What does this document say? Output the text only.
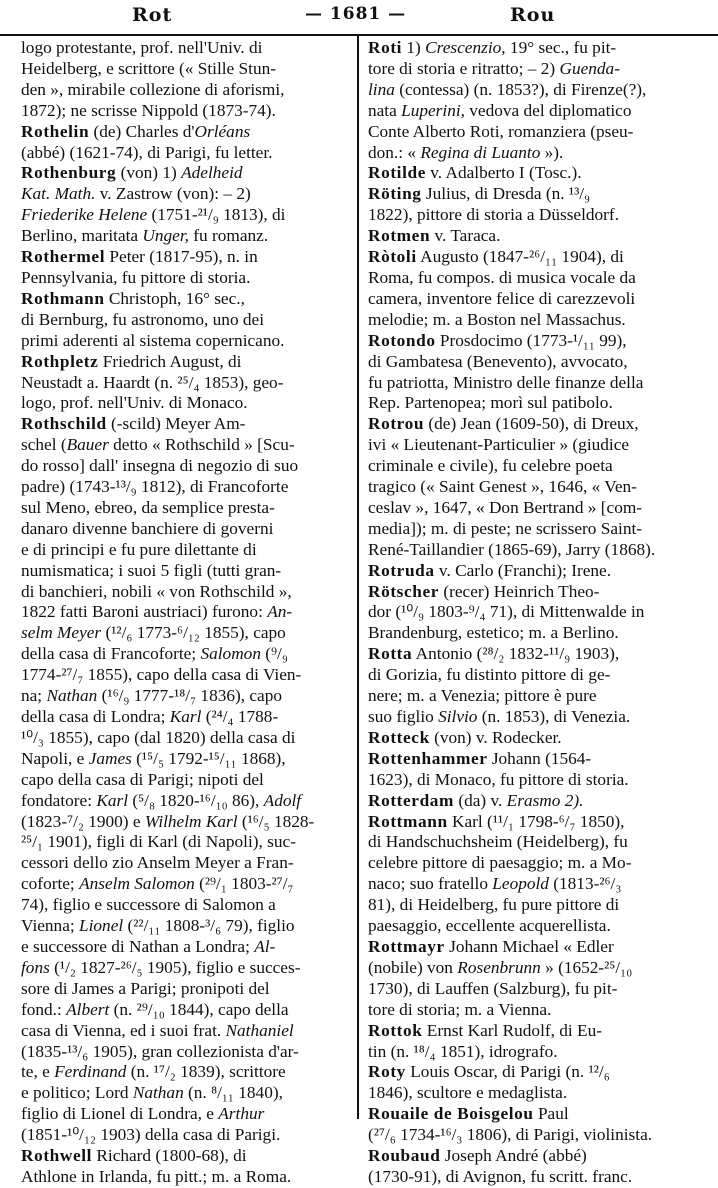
Rot	— 1681 —	Rou
logo protestante, prof. nell'Univ. di
Heidelberg, e scrittore (« Stille Stun-
den », mirabile collezione di aforismi,
1872); ne scrisse Nippold (1873-74).
Rothelin (de) Charles d'Orléans
(abbé) (1621-74), di Parigi, fu letter.
Rothenburg (von) 1) Adelheid
Kat. Math. v. Zastrow (von): – 2)
Friederike Helene (1751-²¹/₉ 1813), di
Berlino, maritata Unger, fu romanz.
Rothermel Peter (1817-95), n. in
Pennsylvania, fu pittore di storia.
Rothmann Christoph, 16° sec.,
di Bernburg, fu astronomo, uno dei
primi aderenti al sistema copernicano.
Rothpletz Friedrich August, di
Neustadt a. Haardt (n. ²⁵/₄ 1853), geo-
logo, prof. nell'Univ. di Monaco.
Rothschild (-scild) Meyer Am-
schel (Bauer detto « Rothschild » [Scu-
do rosso] dall' insegna di negozio di suo
padre) (1743-¹³/₉ 1812), di Francoforte
sul Meno, ebreo, da semplice presta-
danaro divenne banchiere di governi
e di principi e fu pure dilettante di
numismatica; i suoi 5 figli (tutti gran-
di banchieri, nobili « von Rothschild »,
1822 fatti Baroni austriaci) furono: An-
selm Meyer (¹²/₆ 1773-⁶/₁₂ 1855), capo
della casa di Francoforte; Salomon (⁹/₉
1774-²⁷/₇ 1855), capo della casa di Vien-
na; Nathan (¹⁶/₉ 1777-¹⁸/₇ 1836), capo
della casa di Londra; Karl (²⁴/₄ 1788-
¹⁰/₃ 1855), capo (dal 1820) della casa di
Napoli, e James (¹⁵/₅ 1792-¹⁵/₁₁ 1868),
capo della casa di Parigi; nipoti del
fondatore: Karl (⁵/₈ 1820-¹⁶/₁₀ 86), Adolf
(1823-⁷/₂ 1900) e Wilhelm Karl (¹⁶/₅ 1828-
²⁵/₁ 1901), figli di Karl (di Napoli), suc-
cessori dello zio Anselm Meyer a Fran-
coforte; Anselm Salomon (²⁹/₁ 1803-²⁷/₇
74), figlio e successore di Salomon a
Vienna; Lionel (²²/₁₁ 1808-³/₆ 79), figlio
e successore di Nathan a Londra; Al-
fons (¹/₂ 1827-²⁶/₅ 1905), figlio e succes-
sore di James a Parigi; pronipoti del
fond.: Albert (n. ²⁹/₁₀ 1844), capo della
casa di Vienna, ed i suoi frat. Nathaniel
(1835-¹³/₆ 1905), gran collezionista d'ar-
te, e Ferdinand (n. ¹⁷/₂ 1839), scrittore
e politico; Lord Nathan (n. ⁸/₁₁ 1840),
figlio di Lionel di Londra, e Arthur
(1851-¹⁰/₁₂ 1903) della casa di Parigi.
Rothwell Richard (1800-68), di
Athlone in Irlanda, fu pitt.; m. a Roma.
Roti 1) Crescenzio, 19° sec., fu pit-
tore di storia e ritratto; – 2) Guenda-
lina (contessa) (n. 1853?), di Firenze(?),
nata Luperini, vedova del diplomatico
Conte Alberto Roti, romanziera (pseu-
don.: « Regina di Luanto »).
Rotilde v. Adalberto I (Tosc.).
Röting Julius, di Dresda (n. ¹³/₉
1822), pittore di storia a Düsseldorf.
Rotmen v. Taraca.
Ròtoli Augusto (1847-²⁶/₁₁ 1904), di
Roma, fu compos. di musica vocale da
camera, inventore felice di carezzevoli
melodie; m. a Boston nel Massachus.
Rotondo Prosdocimo (1773-¹/₁₁ 99),
di Gambatesa (Benevento), avvocato,
fu patriotta, Ministro delle finanze della
Rep. Partenopea; morì sul patibolo.
Rotrou (de) Jean (1609-50), di Dreux,
ivi « Lieutenant-Particulier » (giudice
criminale e civile), fu celebre poeta
tragico (« Saint Genest », 1646, « Ven-
ceslav », 1647, « Don Bertrand » [com-
media]); m. di peste; ne scrissero Saint-
René-Taillandier (1865-69), Jarry (1868).
Rotruda v. Carlo (Franchi); Irene.
Rötscher (recer) Heinrich Theo-
dor (¹⁰/₉ 1803-⁹/₄ 71), di Mittenwalde in
Brandenburg, estetico; m. a Berlino.
Rotta Antonio (²⁸/₂ 1832-¹¹/₉ 1903),
di Gorizia, fu distinto pittore di ge-
nere; m. a Venezia; pittore è pure
suo figlio Silvio (n. 1853), di Venezia.
Rotteck (von) v. Rodecker.
Rottenhammer Johann (1564-
1623), di Monaco, fu pittore di storia.
Rotterdam (da) v. Erasmo 2).
Rottmann Karl (¹¹/₁ 1798-⁶/₇ 1850),
di Handschuchsheim (Heidelberg), fu
celebre pittore di paesaggio; m. a Mo-
naco; suo fratello Leopold (1813-²⁶/₃
81), di Heidelberg, fu pure pittore di
paesaggio, eccellente acquerellista.
Rottmayr Johann Michael « Edler
(nobile) von Rosenbrunn » (1652-²⁵/₁₀
1730), di Lauffen (Salzburg), fu pit-
tore di storia; m. a Vienna.
Rottok Ernst Karl Rudolf, di Eu-
tin (n. ¹⁸/₄ 1851), idrografo.
Roty Louis Oscar, di Parigi (n. ¹²/₆
1846), scultore e medaglista.
Rouaile de Boisgelou Paul
(²⁷/₆ 1734-¹⁶/₃ 1806), di Parigi, violinista.
Roubaud Joseph André (abbé)
(1730-91), di Avignon, fu scritt. franc.
